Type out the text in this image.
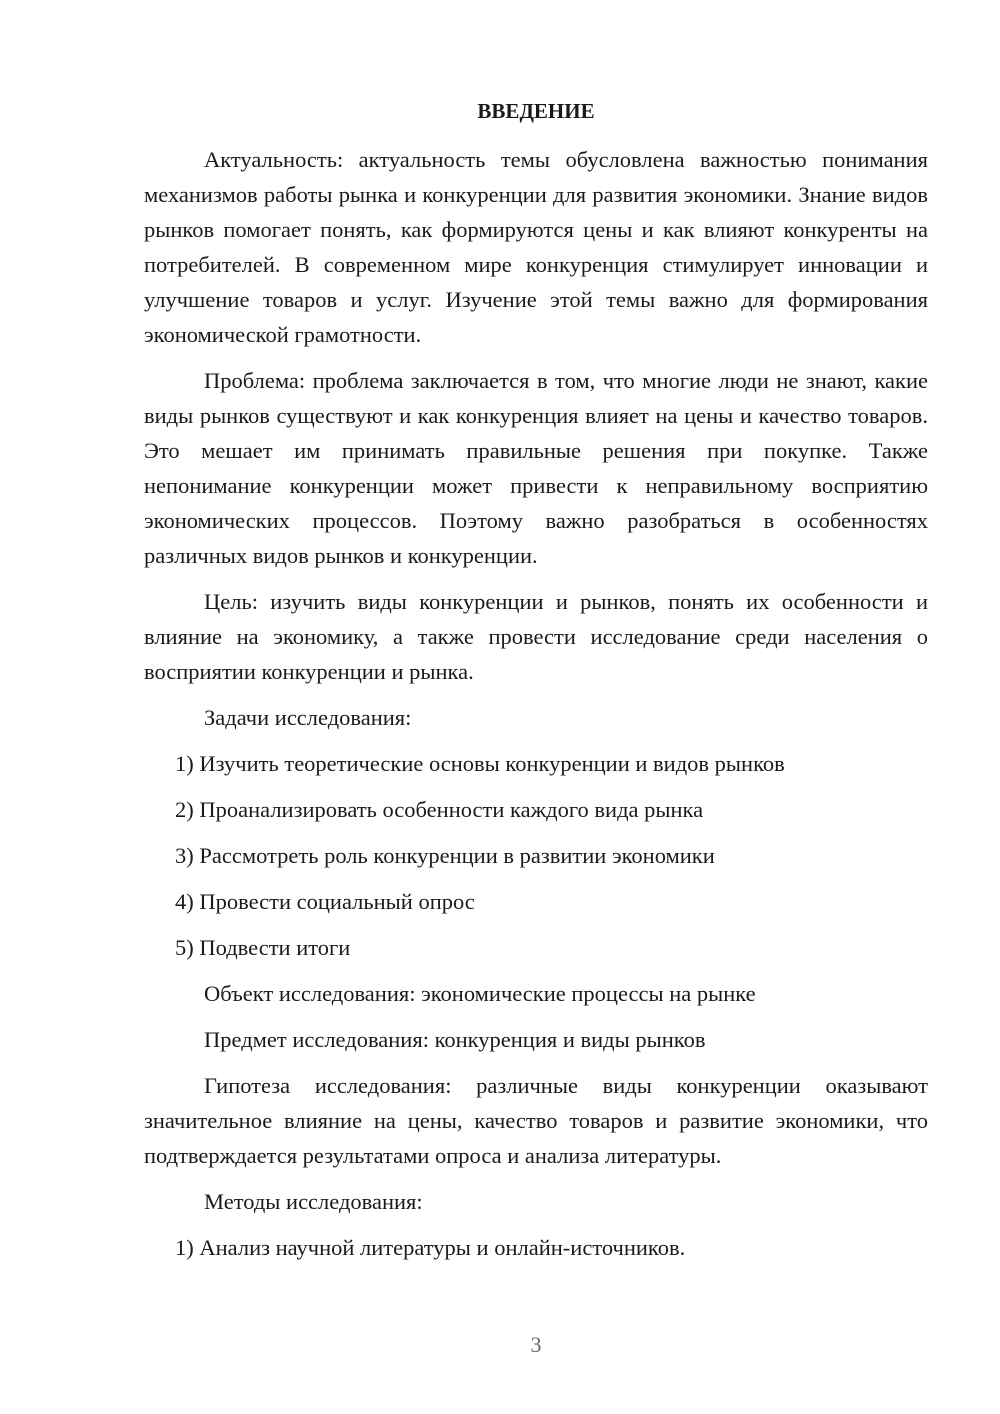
ВВЕДЕНИЕ

Актуальность: актуальность темы обусловлена важностью понимания механизмов работы рынка и конкуренции для развития экономики. Знание видов рынков помогает понять, как формируются цены и как влияют конкуренты на потребителей. В современном мире конкуренция стимулирует инновации и улучшение товаров и услуг. Изучение этой темы важно для формирования экономической грамотности.

Проблема: проблема заключается в том, что многие люди не знают, какие виды рынков существуют и как конкуренция влияет на цены и качество товаров. Это мешает им принимать правильные решения при покупке. Также непонимание конкуренции может привести к неправильному восприятию экономических процессов. Поэтому важно разобраться в особенностях различных видов рынков и конкуренции.

Цель: изучить виды конкуренции и рынков, понять их особенности и влияние на экономику, а также провести исследование среди населения о восприятии конкуренции и рынка.

Задачи исследования:

1) Изучить теоретические основы конкуренции и видов рынков

2) Проанализировать особенности каждого вида рынка

3) Рассмотреть роль конкуренции в развитии экономики

4) Провести социальный опрос

5) Подвести итоги

Объект исследования: экономические процессы на рынке

Предмет исследования: конкуренция и виды рынков

Гипотеза исследования: различные виды конкуренции оказывают значительное влияние на цены, качество товаров и развитие экономики, что подтверждается результатами опроса и анализа литературы.

Методы исследования:

1) Анализ научной литературы и онлайн-источников.

3
